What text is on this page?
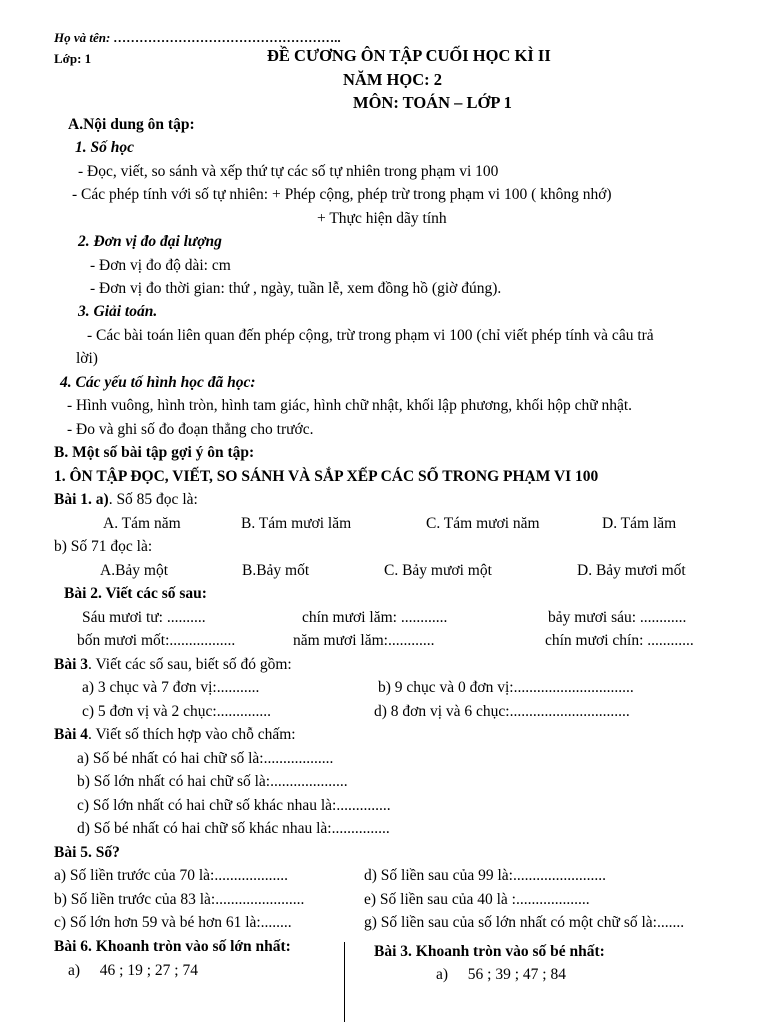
Họ và tên: ……………………………………………..
Lớp: 1	ĐỀ CƯƠNG ÔN TẬP CUỐI HỌC KÌ II
NĂM HỌC: 2
MÔN: TOÁN – LỚP 1
A.Nội dung ôn tập:
1. Số học
- Đọc, viết, so sánh và xếp thứ tự các số tự nhiên trong phạm vi 100
- Các phép tính với số tự nhiên: + Phép cộng, phép trừ trong phạm vi 100 ( không nhớ)
+ Thực hiện dãy tính
2. Đơn vị đo đại lượng
- Đơn vị đo độ dài: cm
- Đơn vị đo thời gian: thứ , ngày, tuần lễ, xem đồng hồ (giờ đúng).
3. Giải toán.
- Các bài toán liên quan đến phép cộng, trừ trong phạm vi 100 (chỉ viết phép tính và câu trả
lời)
4. Các yếu tố hình học đã học:
- Hình vuông, hình tròn, hình tam giác, hình chữ nhật, khối lập phương, khối hộp chữ nhật.
- Đo và ghi số đo đoạn thẳng cho trước.
B. Một số bài tập gợi ý ôn tập:
1. ÔN TẬP ĐỌC, VIẾT, SO SÁNH VÀ SẮP XẾP CÁC SỐ TRONG PHẠM VI 100
Bài 1. a). Số 85 đọc là:
A. Tám năm	B. Tám mươi lăm	C. Tám mươi năm	D. Tám lăm
b) Số 71 đọc là:
A.Bảy một	B.Bảy mốt	C. Bảy mươi một	D. Bảy mươi mốt
Bài 2. Viết các số sau:
Sáu mươi tư: ..........	chín mươi lăm: ............	bảy mươi sáu: ............
bốn mươi mốt:.................	năm mươi lăm:............	chín mươi chín: ............
Bài 3. Viết các số sau, biết số đó gồm:
a) 3 chục và 7 đơn vị:...........	b) 9 chục và 0 đơn vị:...............................
c) 5 đơn vị và 2 chục:..............	d) 8 đơn vị và 6 chục:...............................
Bài 4. Viết số thích hợp vào chỗ chấm:
a) Số bé nhất có hai chữ số là:..................
b) Số lớn nhất có hai chữ số là:....................
c) Số lớn nhất có hai chữ số khác nhau là:..............
d) Số bé nhất có hai chữ số khác nhau là:...............
Bài 5. Số?
a) Số liền trước của 70 là:...................	d) Số liền sau của 99 là:........................
b) Số liền trước của 83 là:.......................	e) Số liền sau của 40 là :...................
c) Số lớn hơn 59 và bé hơn 61 là:........	g) Số liền sau của số lớn nhất có một chữ số là:.......
Bài 6. Khoanh tròn vào số lớn nhất:
a) 46 ; 19 ; 27 ; 74
Bài 3. Khoanh tròn vào số bé nhất:
a) 56 ; 39 ; 47 ; 84
